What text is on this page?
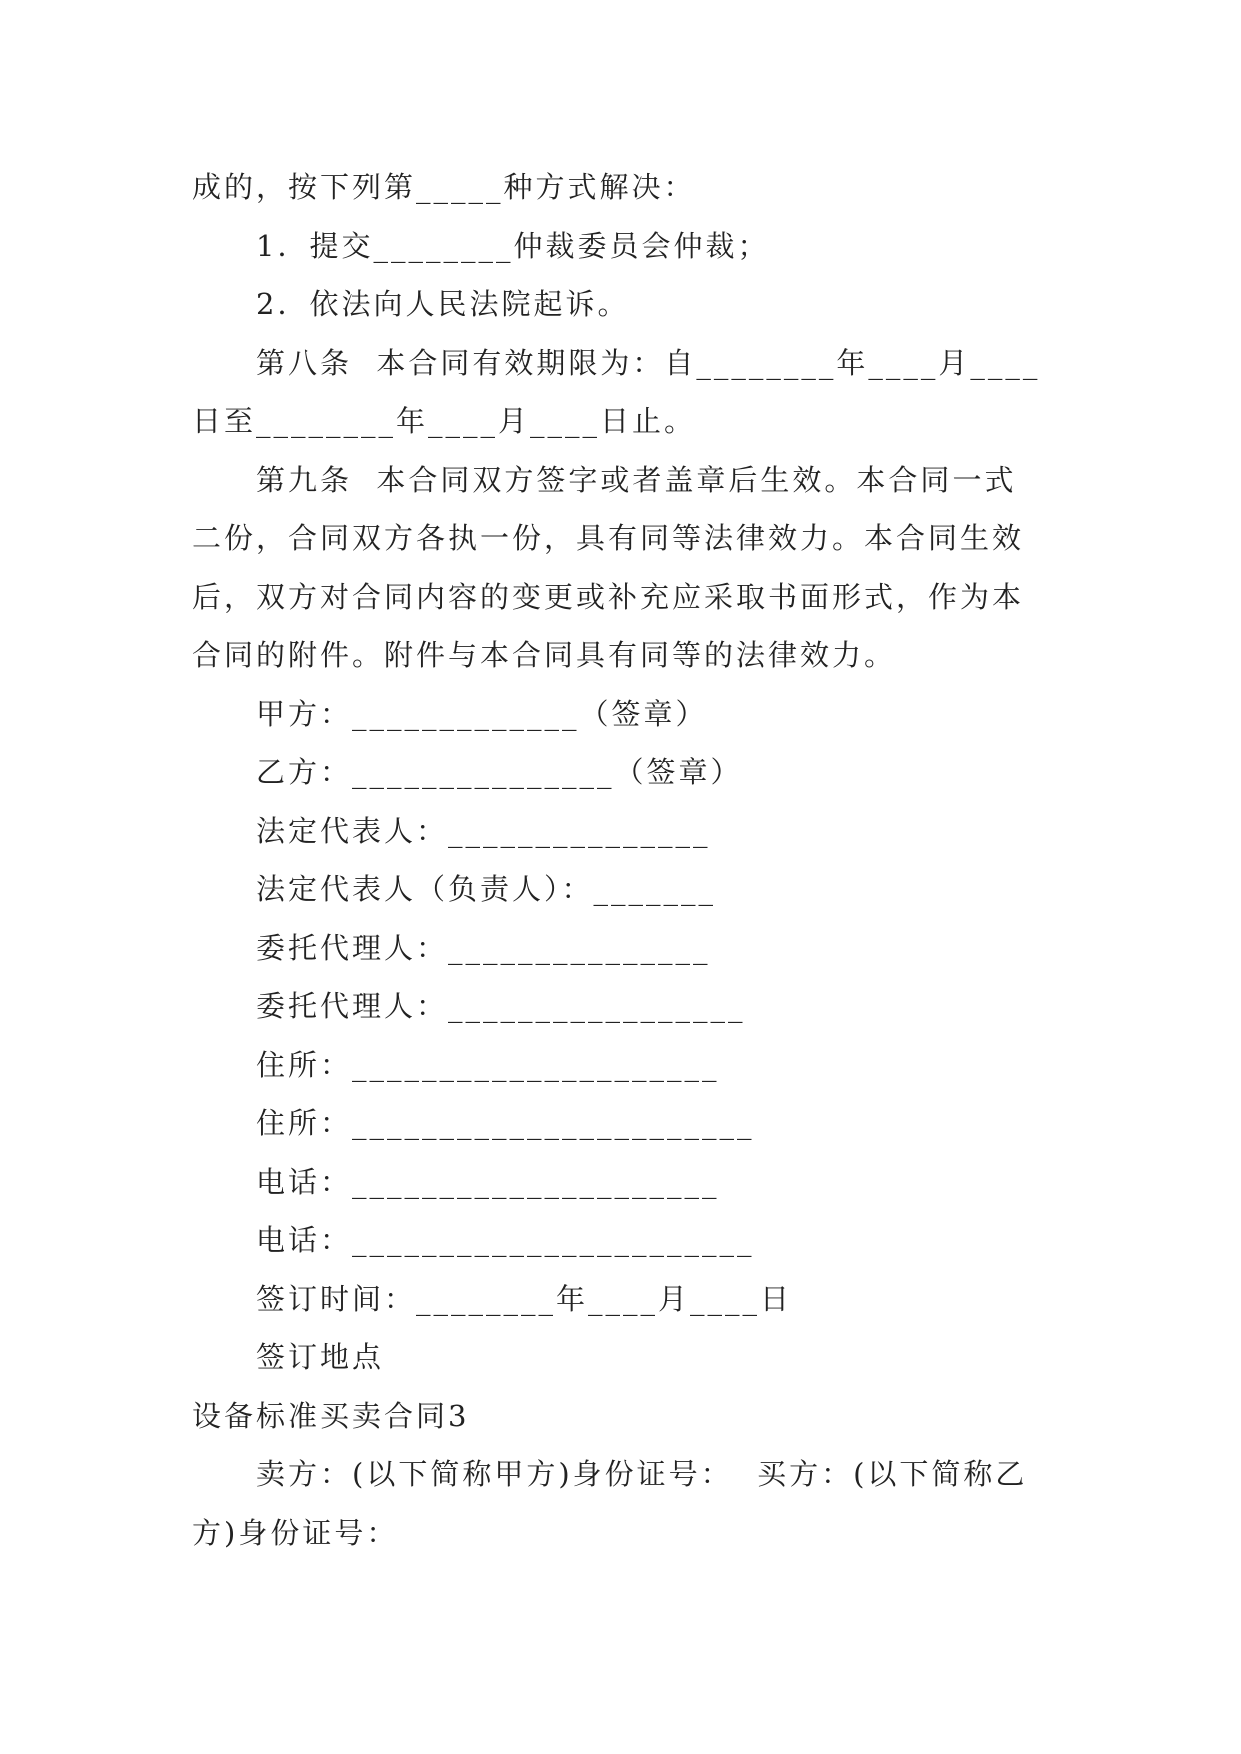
成的，按下列第_____种方式解决：
1．提交________仲裁委员会仲裁；
2．依法向人民法院起诉。
第八条  本合同有效期限为：自________年____月____
日至________年____月____日止。
第九条  本合同双方签字或者盖章后生效。本合同一式
二份，合同双方各执一份，具有同等法律效力。本合同生效
后，双方对合同内容的变更或补充应采取书面形式，作为本
合同的附件。附件与本合同具有同等的法律效力。
甲方：_____________（签章）
乙方：_______________（签章）
法定代表人：_______________
法定代表人（负责人）：_______
委托代理人：_______________
委托代理人：_________________
住所：_____________________
住所：_______________________
电话：_____________________
电话：_______________________
签订时间：________年____月____日
签订地点
设备标准买卖合同3
卖方：(以下简称甲方)身份证号：  买方：(以下简称乙
方)身份证号：
